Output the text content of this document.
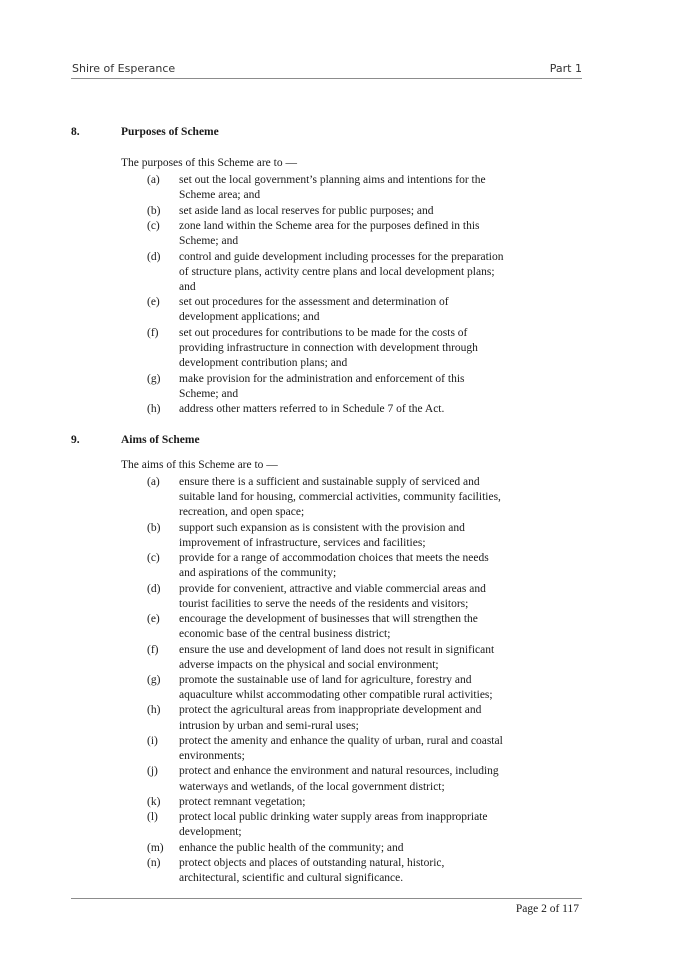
Shire of Esperance	Part 1
8.	Purposes of Scheme
The purposes of this Scheme are to —
(a) set out the local government’s planning aims and intentions for the
Scheme area; and
(b) set aside land as local reserves for public purposes; and
(c) zone land within the Scheme area for the purposes defined in this
Scheme; and
(d) control and guide development including processes for the preparation
of structure plans, activity centre plans and local development plans;
and
(e) set out procedures for the assessment and determination of
development applications; and
(f) set out procedures for contributions to be made for the costs of
providing infrastructure in connection with development through
development contribution plans; and
(g) make provision for the administration and enforcement of this
Scheme; and
(h) address other matters referred to in Schedule 7 of the Act.
9.	Aims of Scheme
The aims of this Scheme are to —
(a) ensure there is a sufficient and sustainable supply of serviced and
suitable land for housing, commercial activities, community facilities,
recreation, and open space;
(b) support such expansion as is consistent with the provision and
improvement of infrastructure, services and facilities;
(c) provide for a range of accommodation choices that meets the needs
and aspirations of the community;
(d) provide for convenient, attractive and viable commercial areas and
tourist facilities to serve the needs of the residents and visitors;
(e) encourage the development of businesses that will strengthen the
economic base of the central business district;
(f) ensure the use and development of land does not result in significant
adverse impacts on the physical and social environment;
(g) promote the sustainable use of land for agriculture, forestry and
aquaculture whilst accommodating other compatible rural activities;
(h) protect the agricultural areas from inappropriate development and
intrusion by urban and semi-rural uses;
(i) protect the amenity and enhance the quality of urban, rural and coastal
environments;
(j) protect and enhance the environment and natural resources, including
waterways and wetlands, of the local government district;
(k) protect remnant vegetation;
(l) protect local public drinking water supply areas from inappropriate
development;
(m) enhance the public health of the community; and
(n) protect objects and places of outstanding natural, historic,
architectural, scientific and cultural significance.
Page 2 of 117
